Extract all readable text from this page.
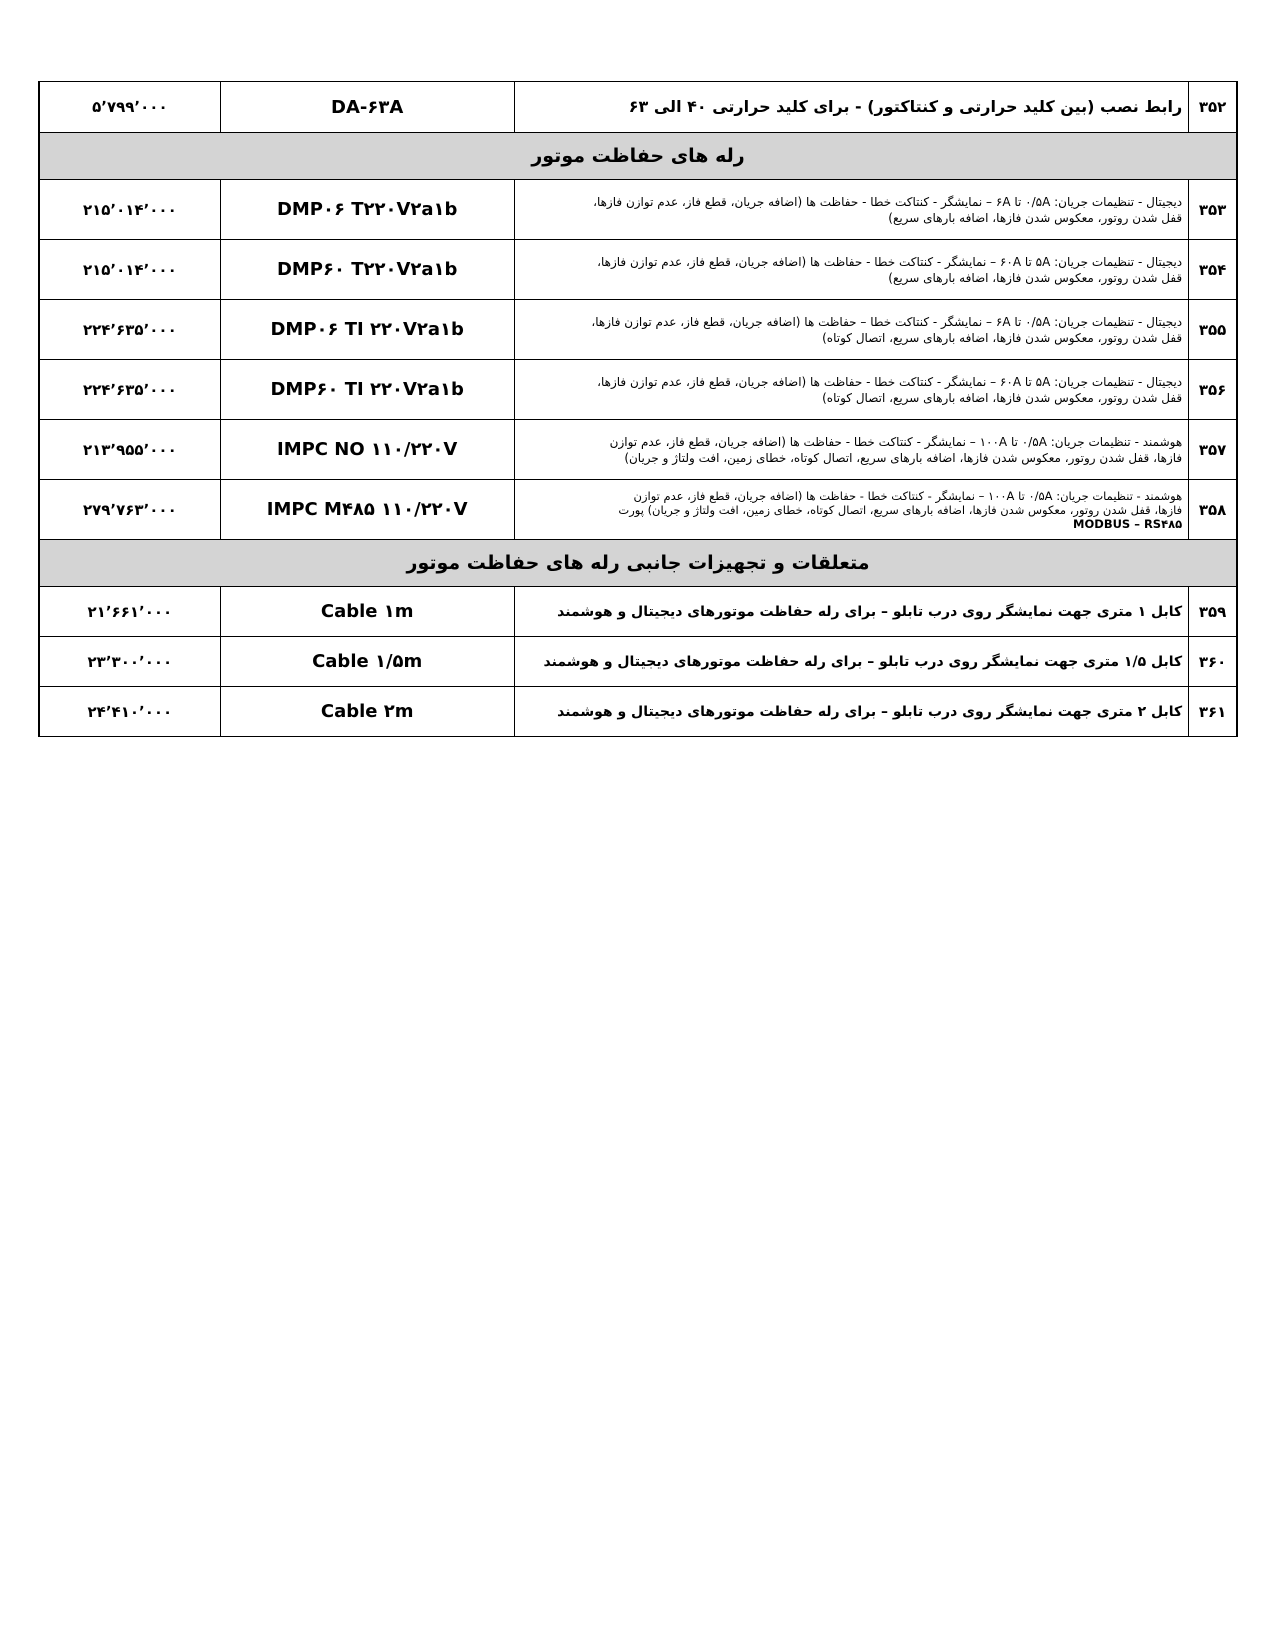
۵٬۷۹۹٬۰۰۰	DA-۶۳A	رابط نصب (بین کلید حرارتی و کنتاکتور) - برای کلید حرارتی ۴۰ الی ۶۳	۳۵۲
رله های حفاظت موتور			
۲۱۵٬۰۱۴٬۰۰۰	DMP۰۶ T۲۲۰V۲a۱b	دیجیتال - تنظیمات جریان: ۰/۵A تا ۶A – نمایشگر - کنتاکت خطا - حفاظت ها (اضافه جریان، قطع فاز، عدم توازن فازها،
قفل شدن روتور، معکوس شدن فازها، اضافه بارهای سریع)	۳۵۳
۲۱۵٬۰۱۴٬۰۰۰	DMP۶۰ T۲۲۰V۲a۱b	دیجیتال - تنظیمات جریان: ۵A تا ۶۰A – نمایشگر - کنتاکت خطا - حفاظت ها (اضافه جریان، قطع فاز، عدم توازن فازها،
قفل شدن روتور، معکوس شدن فازها، اضافه بارهای سریع)	۳۵۴
۲۲۴٬۶۳۵٬۰۰۰	DMP۰۶ TI ۲۲۰V۲a۱b	دیجیتال - تنظیمات جریان: ۰/۵A تا ۶A – نمایشگر - کنتاکت خطا – حفاظت ها (اضافه جریان، قطع فاز، عدم توازن فازها،
قفل شدن روتور، معکوس شدن فازها، اضافه بارهای سریع، اتصال کوتاه)	۳۵۵
۲۲۴٬۶۳۵٬۰۰۰	DMP۶۰ TI ۲۲۰V۲a۱b	دیجیتال - تنظیمات جریان: ۵A تا ۶۰A – نمایشگر - کنتاکت خطا - حفاظت ها (اضافه جریان، قطع فاز، عدم توازن فازها،
قفل شدن روتور، معکوس شدن فازها، اضافه بارهای سریع، اتصال کوتاه)	۳۵۶
۲۱۳٬۹۵۵٬۰۰۰	IMPC NO ۱۱۰/۲۲۰V	هوشمند - تنظیمات جریان: ۰/۵A تا ۱۰۰A – نمایشگر - کنتاکت خطا - حفاظت ها (اضافه جریان، قطع فاز، عدم توازن
فازها، قفل شدن روتور، معکوس شدن فازها، اضافه بارهای سریع، اتصال کوتاه، خطای زمین، افت ولتاژ و جریان)	۳۵۷
۲۷۹٬۷۶۳٬۰۰۰	IMPC M۴۸۵ ۱۱۰/۲۲۰V	هوشمند - تنظیمات جریان: ۰/۵A تا ۱۰۰A – نمایشگر - کنتاکت خطا - حفاظت ها (اضافه جریان، قطع فاز، عدم توازن
فازها، قفل شدن روتور، معکوس شدن فازها، اضافه بارهای سریع، اتصال کوتاه، خطای زمین، افت ولتاژ و جریان) پورت
MODBUS – RS۴۸۵	۳۵۸
متعلقات و تجهیزات جانبی رله های حفاظت موتور			
۲۱٬۶۶۱٬۰۰۰	Cable ۱m	کابل ۱ متری جهت نمایشگر روی درب تابلو – برای رله حفاظت موتورهای دیجیتال و هوشمند	۳۵۹
۲۳٬۳۰۰٬۰۰۰	Cable ۱/۵m	کابل ۱/۵ متری جهت نمایشگر روی درب تابلو – برای رله حفاظت موتورهای دیجیتال و هوشمند	۳۶۰
۲۴٬۴۱۰٬۰۰۰	Cable ۲m	کابل ۲ متری جهت نمایشگر روی درب تابلو – برای رله حفاظت موتورهای دیجیتال و هوشمند	۳۶۱
